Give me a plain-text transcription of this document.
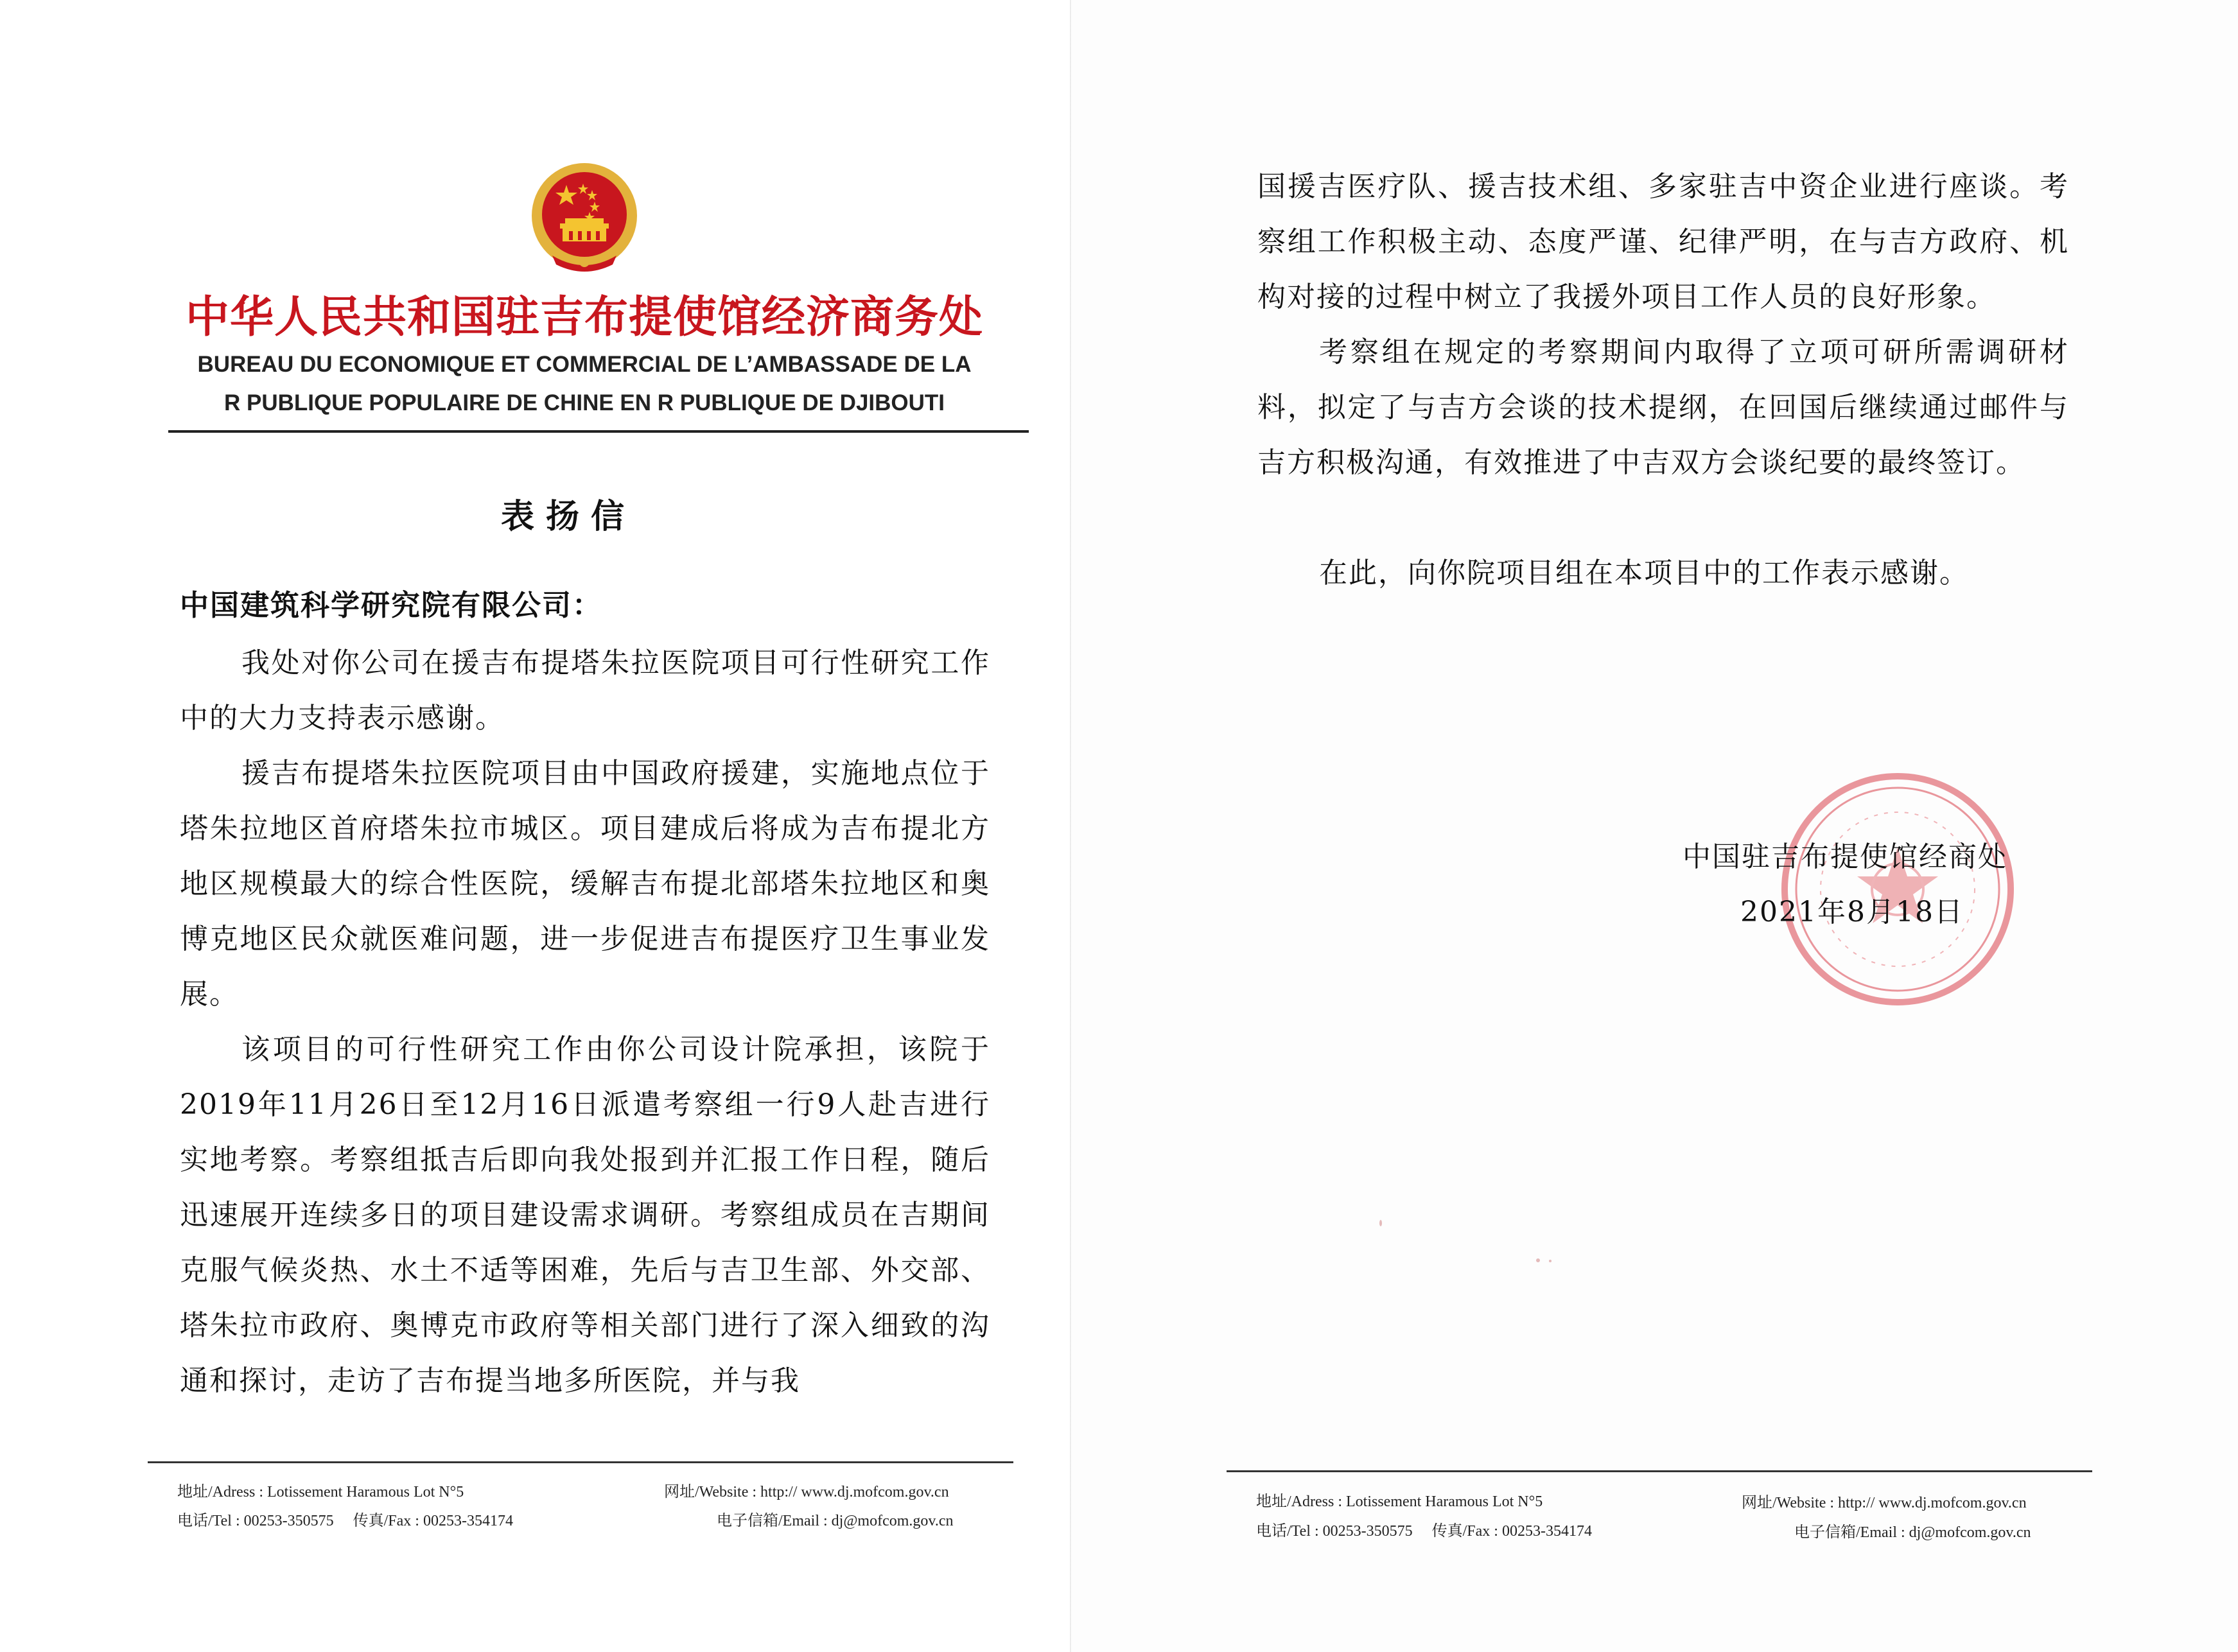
中华人民共和国驻吉布提使馆经济商务处
BUREAU DU ECONOMIQUE ET COMMERCIAL DE L’AMBASSADE DE LA
R PUBLIQUE POPULAIRE DE CHINE EN R PUBLIQUE DE DJIBOUTI
表扬信

中国建筑科学研究院有限公司：

我处对你公司在援吉布提塔朱拉医院项目可行性研究工作中的大力支持表示感谢。

援吉布提塔朱拉医院项目由中国政府援建，实施地点位于塔朱拉地区首府塔朱拉市城区。项目建成后将成为吉布提北方地区规模最大的综合性医院，缓解吉布提北部塔朱拉地区和奥博克地区民众就医难问题，进一步促进吉布提医疗卫生事业发展。

该项目的可行性研究工作由你公司设计院承担，该院于2019年11月26日至12月16日派遣考察组一行9人赴吉进行实地考察。考察组抵吉后即向我处报到并汇报工作日程，随后迅速展开连续多日的项目建设需求调研。考察组成员在吉期间克服气候炎热、水土不适等困难，先后与吉卫生部、外交部、塔朱拉市政府、奥博克市政府等相关部门进行了深入细致的沟通和探讨，走访了吉布提当地多所医院，并与我

地址/Adress : Lotissement Haramous Lot N°5	网址/Website : http:// www.dj.mofcom.gov.cn
电话/Tel : 00253-350575 传真/Fax : 00253-354174	电子信箱/Email : dj@mofcom.gov.cn

国援吉医疗队、援吉技术组、多家驻吉中资企业进行座谈。考察组工作积极主动、态度严谨、纪律严明，在与吉方政府、机构对接的过程中树立了我援外项目工作人员的良好形象。

考察组在规定的考察期间内取得了立项可研所需调研材料，拟定了与吉方会谈的技术提纲，在回国后继续通过邮件与吉方积极沟通，有效推进了中吉双方会谈纪要的最终签订。

在此，向你院项目组在本项目中的工作表示感谢。

中国驻吉布提使馆经商处
2021年8月18日
地址/Adress : Lotissement Haramous Lot N°5	网址/Website : http:// www.dj.mofcom.gov.cn
电话/Tel : 00253-350575 传真/Fax : 00253-354174	电子信箱/Email : dj@mofcom.gov.cn
